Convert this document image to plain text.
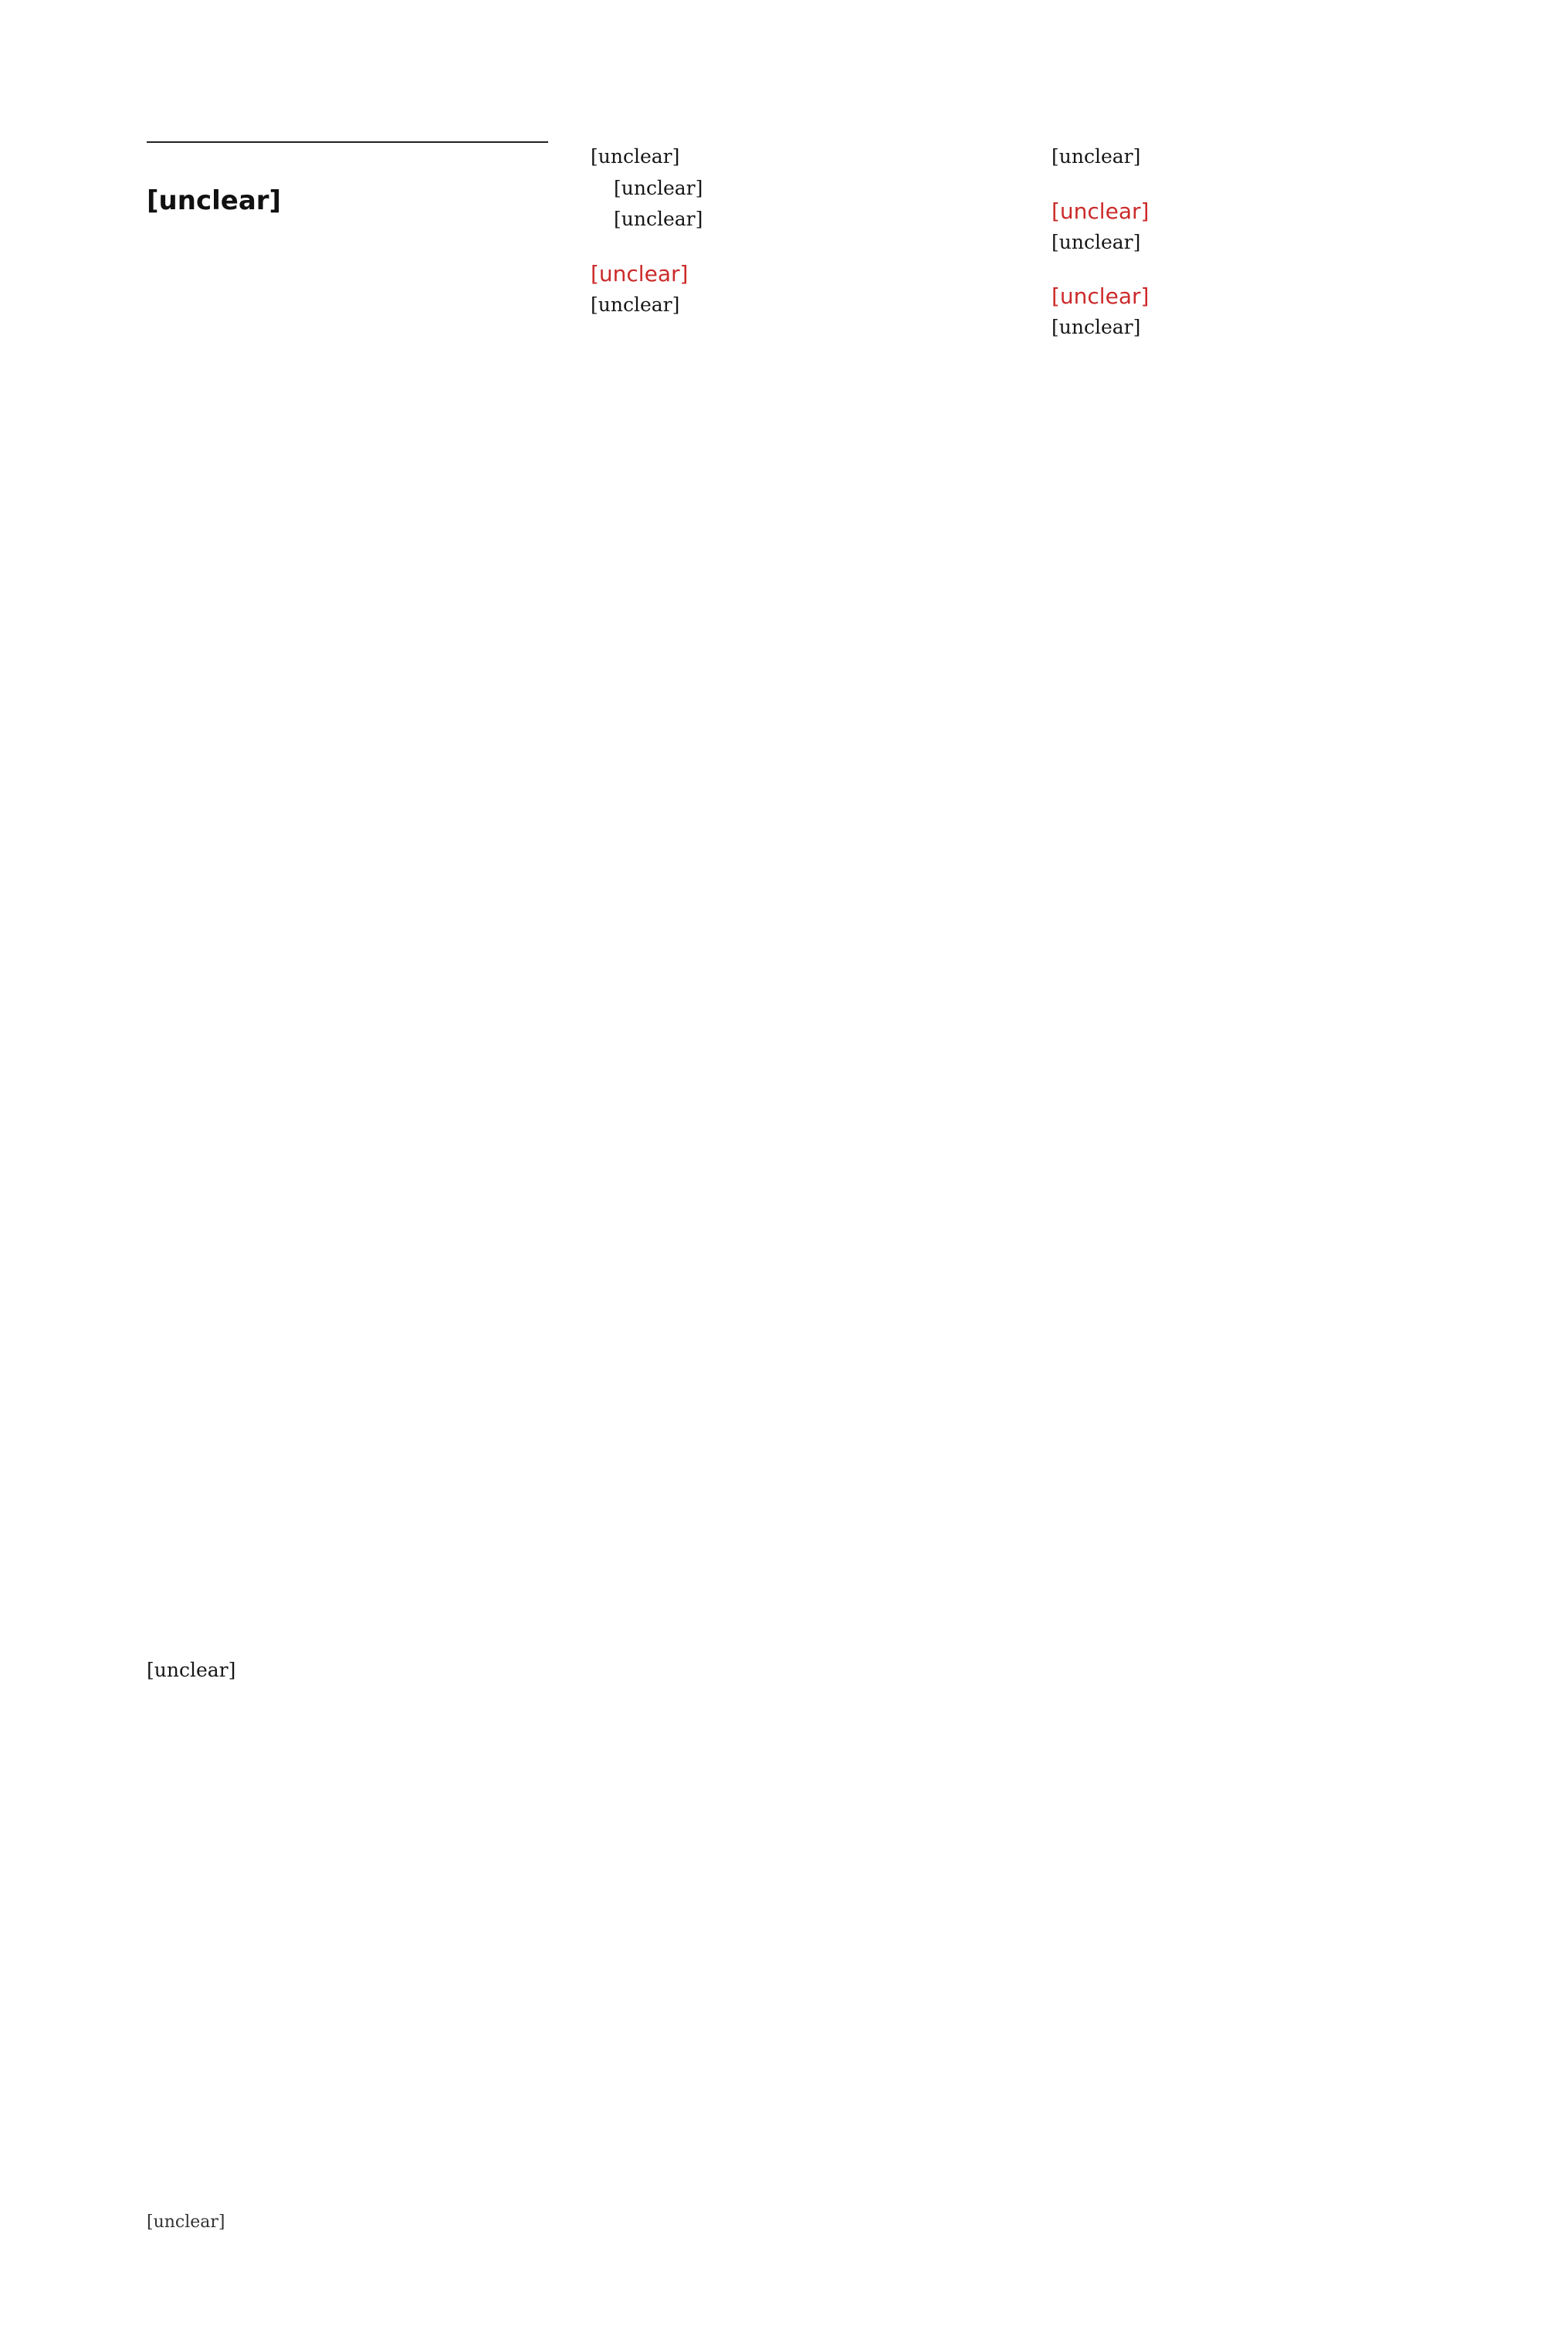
[unclear]

[unclear]

[unclear]

[unclear]

[unclear]

[unclear]

[unclear]

[unclear]

[unclear]

[unclear]

[unclear]

[unclear]

[unclear]
